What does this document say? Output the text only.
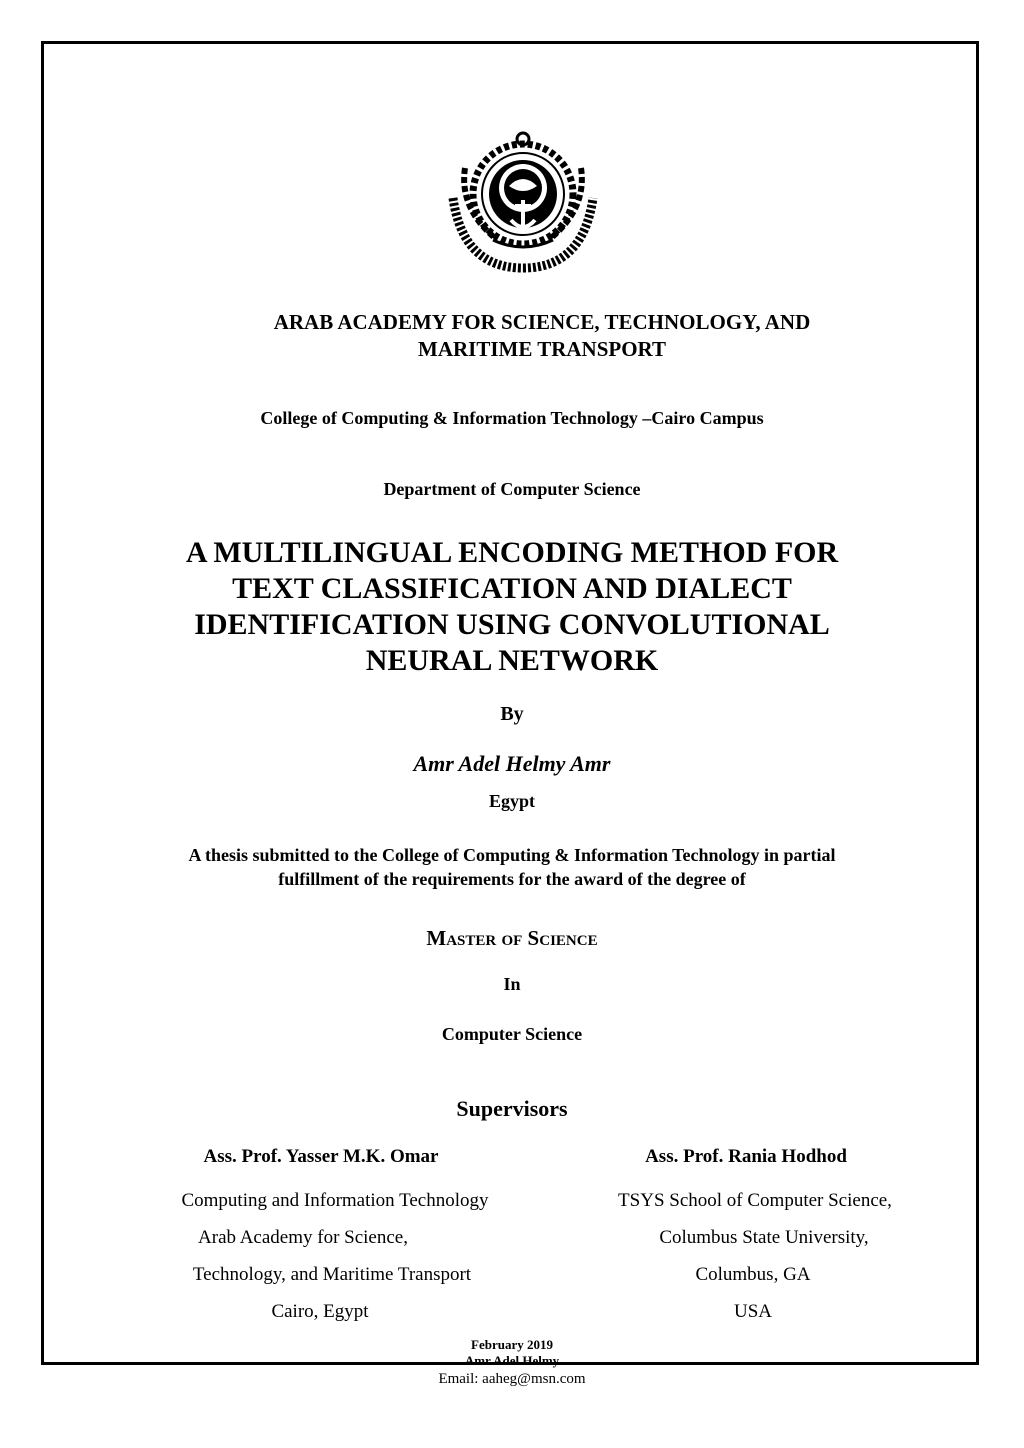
ARAB ACADEMY FOR SCIENCE, TECHNOLOGY, AND
MARITIME TRANSPORT
College of Computing & Information Technology –Cairo Campus
Department of Computer Science
A MULTILINGUAL ENCODING METHOD FOR
TEXT CLASSIFICATION AND DIALECT
IDENTIFICATION USING CONVOLUTIONAL
NEURAL NETWORK
By
Amr Adel Helmy Amr
Egypt
A thesis submitted to the College of Computing & Information Technology in partial
fulfillment of the requirements for the award of the degree of
Master of Science
In
Computer Science
Supervisors
Ass. Prof. Yasser M.K. Omar
Computing and Information Technology
Arab Academy for Science,
Technology, and Maritime Transport
Cairo, Egypt
Ass. Prof. Rania Hodhod
TSYS School of Computer Science,
Columbus State University,
Columbus, GA
USA
February 2019
Amr Adel Helmy
Email: aaheg@msn.com
